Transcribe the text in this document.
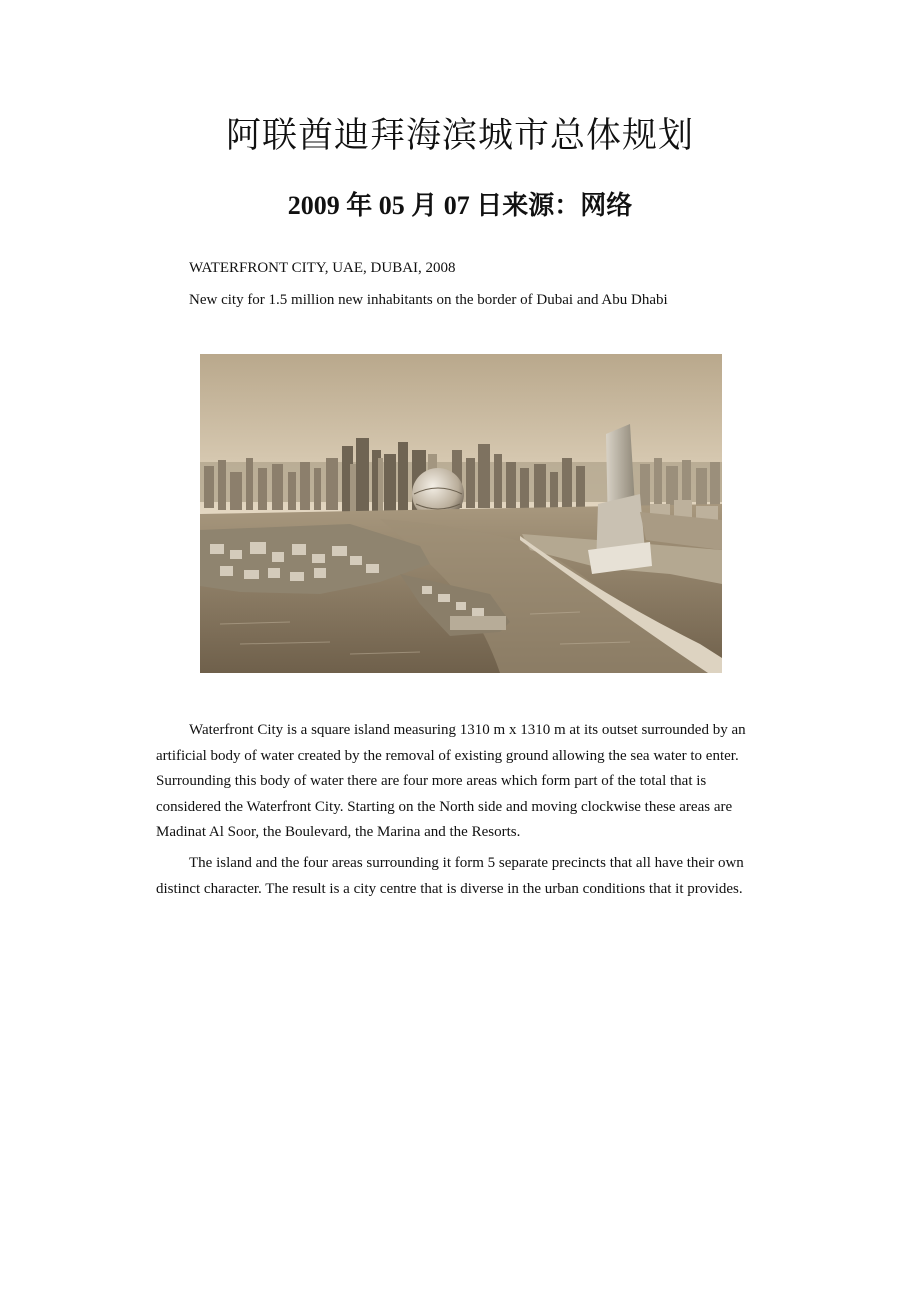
阿联酋迪拜海滨城市总体规划
2009 年 05 月 07 日来源：网络

WATERFRONT CITY, UAE, DUBAI, 2008

New city for 1.5 million new inhabitants on the border of Dubai and Abu Dhabi

Waterfront City is a square island measuring 1310 m x 1310 m at its outset surrounded by an artificial body of water created by the removal of existing ground allowing the sea water to enter. Surrounding this body of water there are four more areas which form part of the total that is considered the Waterfront City. Starting on the North side and moving clockwise these areas are Madinat Al Soor, the Boulevard, the Marina and the Resorts.

The island and the four areas surrounding it form 5 separate precincts that all have their own distinct character. The result is a city centre that is diverse in the urban conditions that it provides.
